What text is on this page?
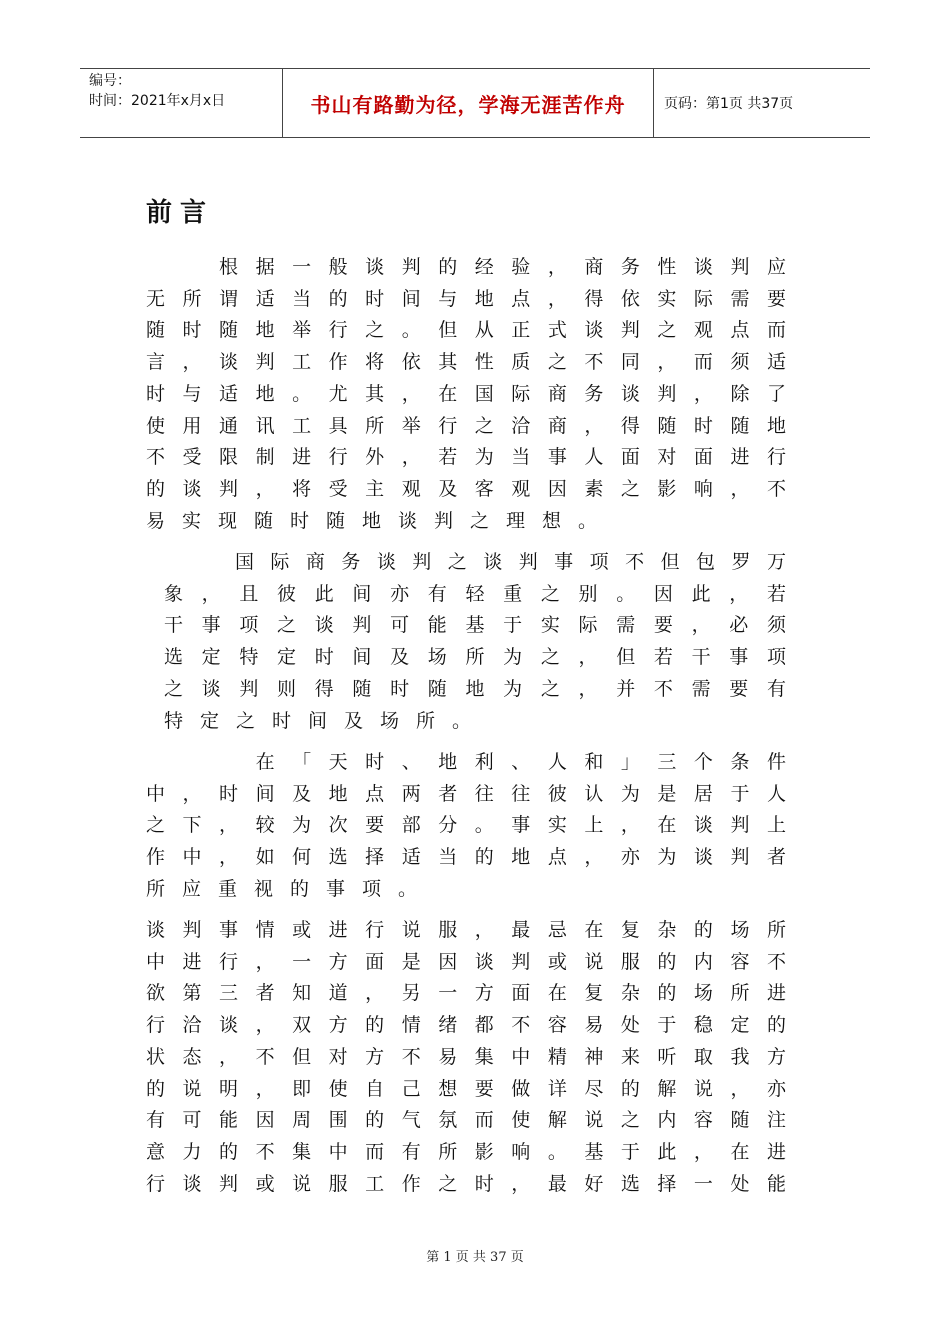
编号：
时间：2021年x月x日	书山有路勤为径，学海无涯苦作舟	页码：第1页 共37页
前言
　　根据一般谈判的经验，商务性谈判应
无所谓适当的时间与地点，得依实际需要
随时随地举行之。但从正式谈判之观点而
言，谈判工作将依其性质之不同，而须适
时与适地。尤其，在国际商务谈判，除了
使用通讯工具所举行之洽商，得随时随地
不受限制进行外，若为当事人面对面进行
的谈判，将受主观及客观因素之影响，不
易实现随时随地谈判之理想。
　　国际商务谈判之谈判事项不但包罗万
象，且彼此间亦有轻重之别。因此，若
干事项之谈判可能基于实际需要，必须
选定特定时间及场所为之，但若干事项
之谈判则得随时随地为之，并不需要有
特定之时间及场所。
　　　在「天时、地利、人和」三个条件
中，时间及地点两者往往彼认为是居于人
之下，较为次要部分。事实上，在谈判上
作中，如何选择适当的地点，亦为谈判者
所应重视的事项。
谈判事情或进行说服，最忌在复杂的场所
中进行，一方面是因谈判或说服的内容不
欲第三者知道，另一方面在复杂的场所进
行洽谈，双方的情绪都不容易处于稳定的
状态，不但对方不易集中精神来听取我方
的说明，即使自己想要做详尽的解说，亦
有可能因周围的气氛而使解说之内容随注
意力的不集中而有所影响。基于此，在进
行谈判或说服工作之时，最好选择一处能
第 1 页 共 37 页
